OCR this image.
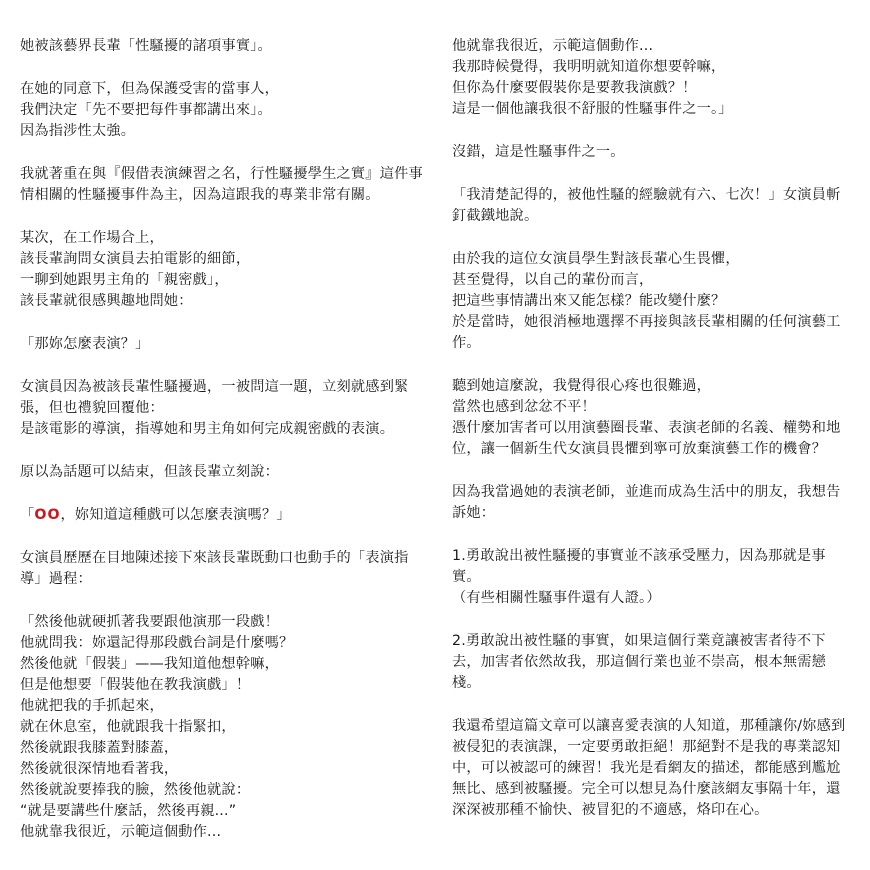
她被該藝界長輩「性騷擾的諸項事實」。

在她的同意下，但為保護受害的當事人，
我們決定「先不要把每件事都講出來」。
因為指涉性太強。

我就著重在與『假借表演練習之名，行性騷擾學生之實』這件事情相關的性騷擾事件為主，因為這跟我的專業非常有關。

某次，在工作場合上，
該長輩詢問女演員去拍電影的細節，
一聊到她跟男主角的「親密戲」，
該長輩就很感興趣地問她：

「那妳怎麼表演？」

女演員因為被該長輩性騷擾過，一被問這一題，立刻就感到緊張，但也禮貌回覆他：
是該電影的導演，指導她和男主角如何完成親密戲的表演。

原以為話題可以結束，但該長輩立刻說：

「OO，妳知道這種戲可以怎麼表演嗎？」

女演員歷歷在目地陳述接下來該長輩既動口也動手的「表演指導」過程：

「然後他就硬抓著我要跟他演那一段戲！
他就問我：妳還記得那段戲台詞是什麼嗎？
然後他就「假裝」——我知道他想幹嘛，
但是他想要「假裝他在教我演戲」！
他就把我的手抓起來，
就在休息室，他就跟我十指緊扣，
然後就跟我膝蓋對膝蓋，
然後就很深情地看著我，
然後就說要捧我的臉，然後他就說：
“就是要講些什麼話，然後再親...”
他就靠我很近，示範這個動作...

他就靠我很近，示範這個動作...
我那時候覺得，我明明就知道你想要幹嘛，
但你為什麼要假裝你是要教我演戲？！
這是一個他讓我很不舒服的性騷事件之一。」

沒錯，這是性騷事件之一。

「我清楚記得的，被他性騷的經驗就有六、七次！」女演員斬釘截鐵地說。

由於我的這位女演員學生對該長輩心生畏懼，
甚至覺得，以自己的輩份而言，
把這些事情講出來又能怎樣？能改變什麼？
於是當時，她很消極地選擇不再接與該長輩相關的任何演藝工作。

聽到她這麼說，我覺得很心疼也很難過，
當然也感到忿忿不平！
憑什麼加害者可以用演藝圈長輩、表演老師的名義、權勢和地位，讓一個新生代女演員畏懼到寧可放棄演藝工作的機會？

因為我當過她的表演老師，並進而成為生活中的朋友，我想告訴她：

1.勇敢說出被性騷擾的事實並不該承受壓力，因為那就是事實。
（有些相關性騷事件還有人證。）

2.勇敢說出被性騷的事實，如果這個行業竟讓被害者待不下去，加害者依然故我，那這個行業也並不崇高，根本無需戀棧。

我還希望這篇文章可以讓喜愛表演的人知道，那種讓你/妳感到被侵犯的表演課，一定要勇敢拒絕！那絕對不是我的專業認知中，可以被認可的練習！我光是看網友的描述，都能感到尷尬無比、感到被騷擾。完全可以想見為什麼該網友事隔十年，還深深被那種不愉快、被冒犯的不適感，烙印在心。
